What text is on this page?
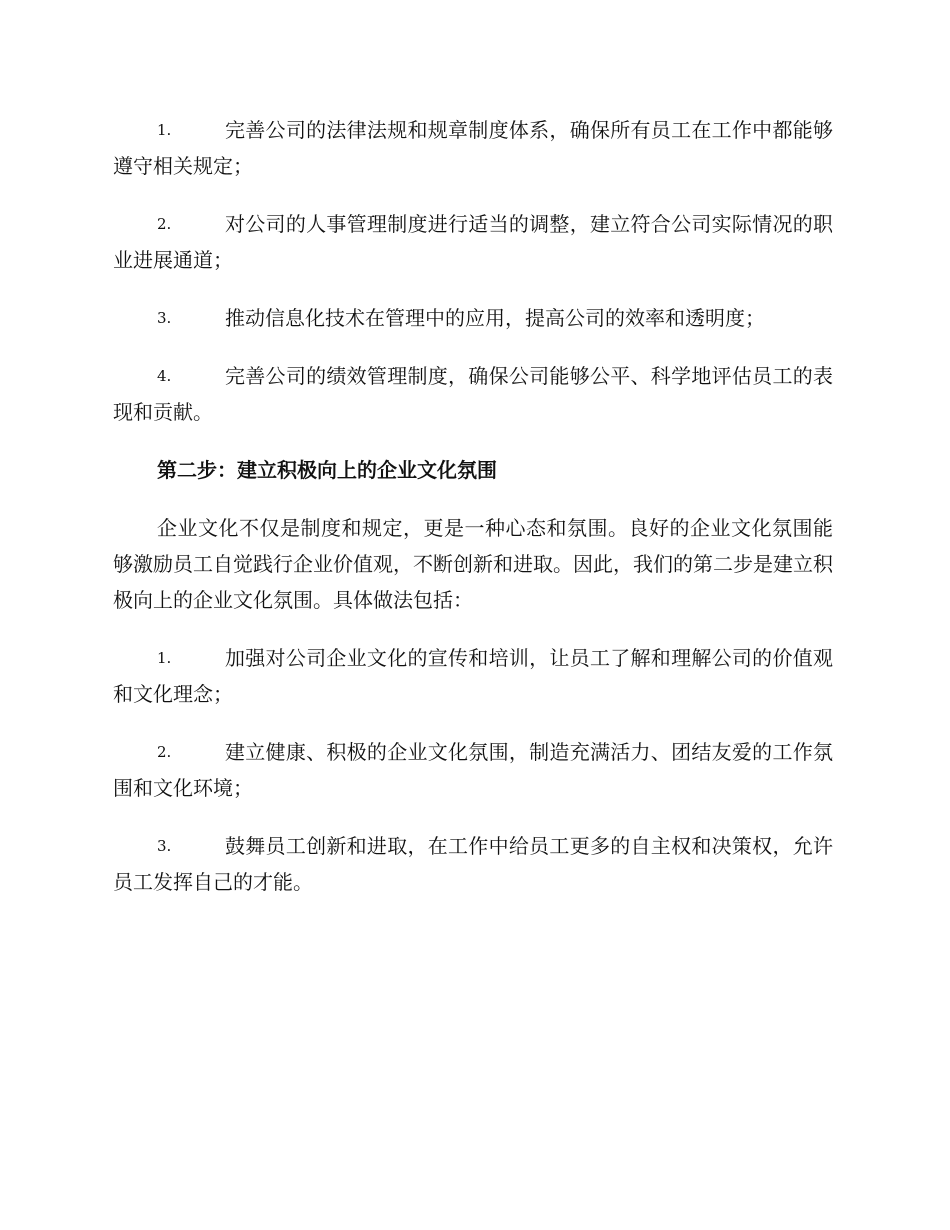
1.	完善公司的法律法规和规章制度体系，确保所有员工在工作中都能够遵守相关规定；
2.	对公司的人事管理制度进行适当的调整，建立符合公司实际情况的职业进展通道；
3.	推动信息化技术在管理中的应用，提高公司的效率和透明度；
4.	完善公司的绩效管理制度，确保公司能够公平、科学地评估员工的表现和贡献。
第二步：建立积极向上的企业文化氛围
企业文化不仅是制度和规定，更是一种心态和氛围。良好的企业文化氛围能够激励员工自觉践行企业价值观，不断创新和进取。因此，我们的第二步是建立积极向上的企业文化氛围。具体做法包括：
1.	加强对公司企业文化的宣传和培训，让员工了解和理解公司的价值观和文化理念；
2.	建立健康、积极的企业文化氛围，制造充满活力、团结友爱的工作氛围和文化环境；
3.	鼓舞员工创新和进取，在工作中给员工更多的自主权和决策权，允许员工发挥自己的才能。
